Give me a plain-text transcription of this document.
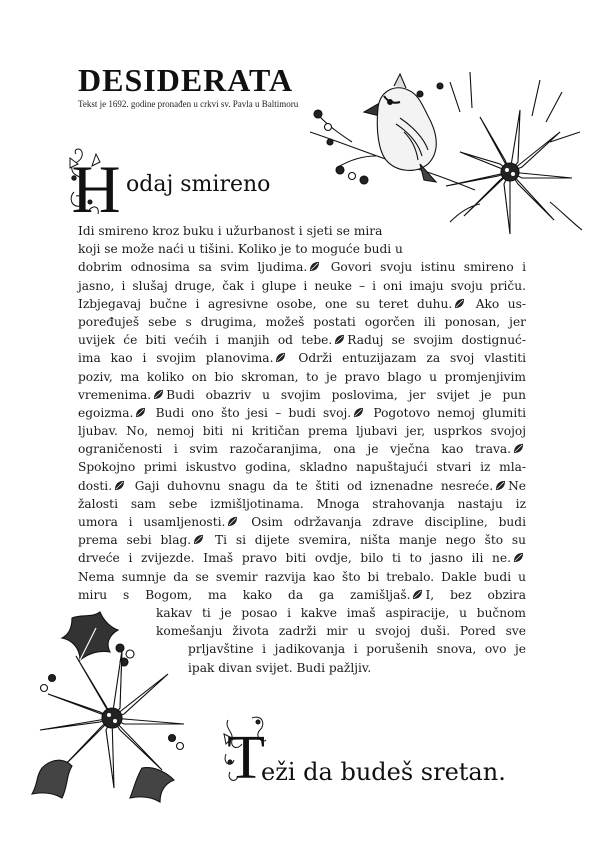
DESIDERATA
Tekst je 1692. godine pronađen u crkvi sv. Pavla u Baltimoru
H odaj smireno
Idi smireno kroz buku i užurbanost i sjeti se mira
koji se može naći u tišini. Koliko je to moguće budi u
dobrim odnosima sa svim ljudima. Govori svoju istinu smireno i
jasno, i slušaj druge, čak i glupe i neuke – i oni imaju svoju priču.
Izbjegavaj bučne i agresivne osobe, one su teret duhu. Ako us-
poređuješ sebe s drugima, možeš postati ogorčen ili ponosan, jer
uvijek će biti većih i manjih od tebe. Raduj se svojim dostignuć-
ima kao i svojim planovima. Održi entuzijazam za svoj vlastiti
poziv, ma koliko on bio skroman, to je pravo blago u promjenjivim
vremenima. Budi obazriv u svojim poslovima, jer svijet je pun
egoizma. Budi ono što jesi – budi svoj. Pogotovo nemoj glumiti
ljubav. No, nemoj biti ni kritičan prema ljubavi jer, usprkos svojoj
ograničenosti i svim razočaranjima, ona je vječna kao trava.
Spokojno primi iskustvo godina, skladno napuštajući stvari iz mla-
dosti. Gaji duhovnu snagu da te štiti od iznenadne nesreće. Ne
žalosti sam sebe izmišljotinama. Mnoga strahovanja nastaju iz
umora i usamljenosti. Osim održavanja zdrave discipline, budi
prema sebi blag. Ti si dijete svemira, ništa manje nego što su
drveće i zvijezde. Imaš pravo biti ovdje, bilo ti to jasno ili ne.
Nema sumnje da se svemir razvija kao što bi trebalo. Dakle budi u
miru s Bogom, ma kako da ga zamišljaš. I, bez obzira
kakav ti je posao i kakve imaš aspiracije, u bučnom
komešanju života zadrži mir u svojoj duši. Pored sve
prljavštine i jadikovanja i porušenih snova, ovo je
ipak divan svijet. Budi pažljiv.
T
eži da budeš sretan.
